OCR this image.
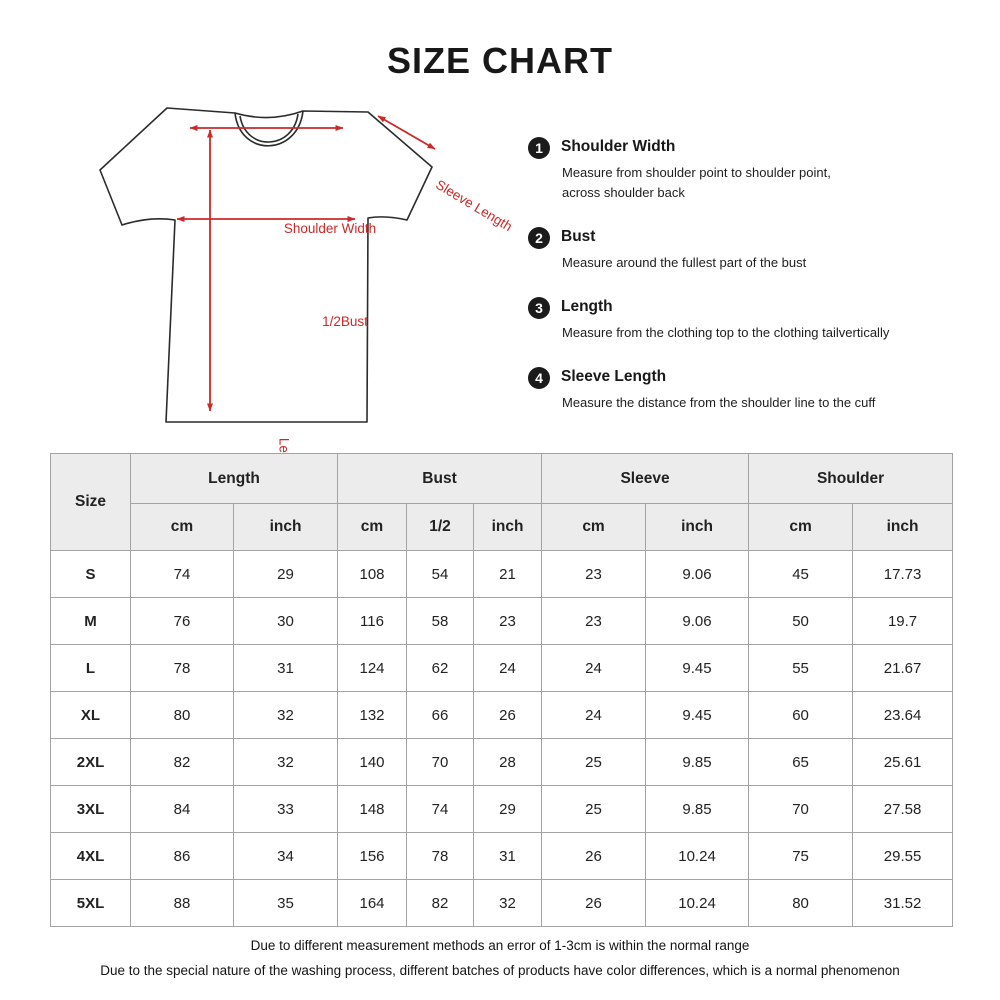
SIZE CHART
Shoulder Width
1/2Bust
Sleeve Length
1	Shoulder Width
Measure from shoulder point to shoulder point,
across shoulder back
2	Bust
Measure around the fullest part of the bust
3	Length
Measure from the clothing top to the clothing tailvertically
4	Sleeve Length
Measure the distance from the shoulder line to the cuff
Size	Length		Bust			Sleeve		Shoulder	
	cm	inch	cm	1/2	inch	cm	inch	cm	inch
S	74	29	108	54	21	23	9.06	45	17.73
M	76	30	116	58	23	23	9.06	50	19.7
L	78	31	124	62	24	24	9.45	55	21.67
XL	80	32	132	66	26	24	9.45	60	23.64
2XL	82	32	140	70	28	25	9.85	65	25.61
3XL	84	33	148	74	29	25	9.85	70	27.58
4XL	86	34	156	78	31	26	10.24	75	29.55
5XL	88	35	164	82	32	26	10.24	80	31.52
Due to different measurement methods an error of 1-3cm is within the normal range
Due to the special nature of the washing process, different batches of products have color differences, which is a normal phenomenon
